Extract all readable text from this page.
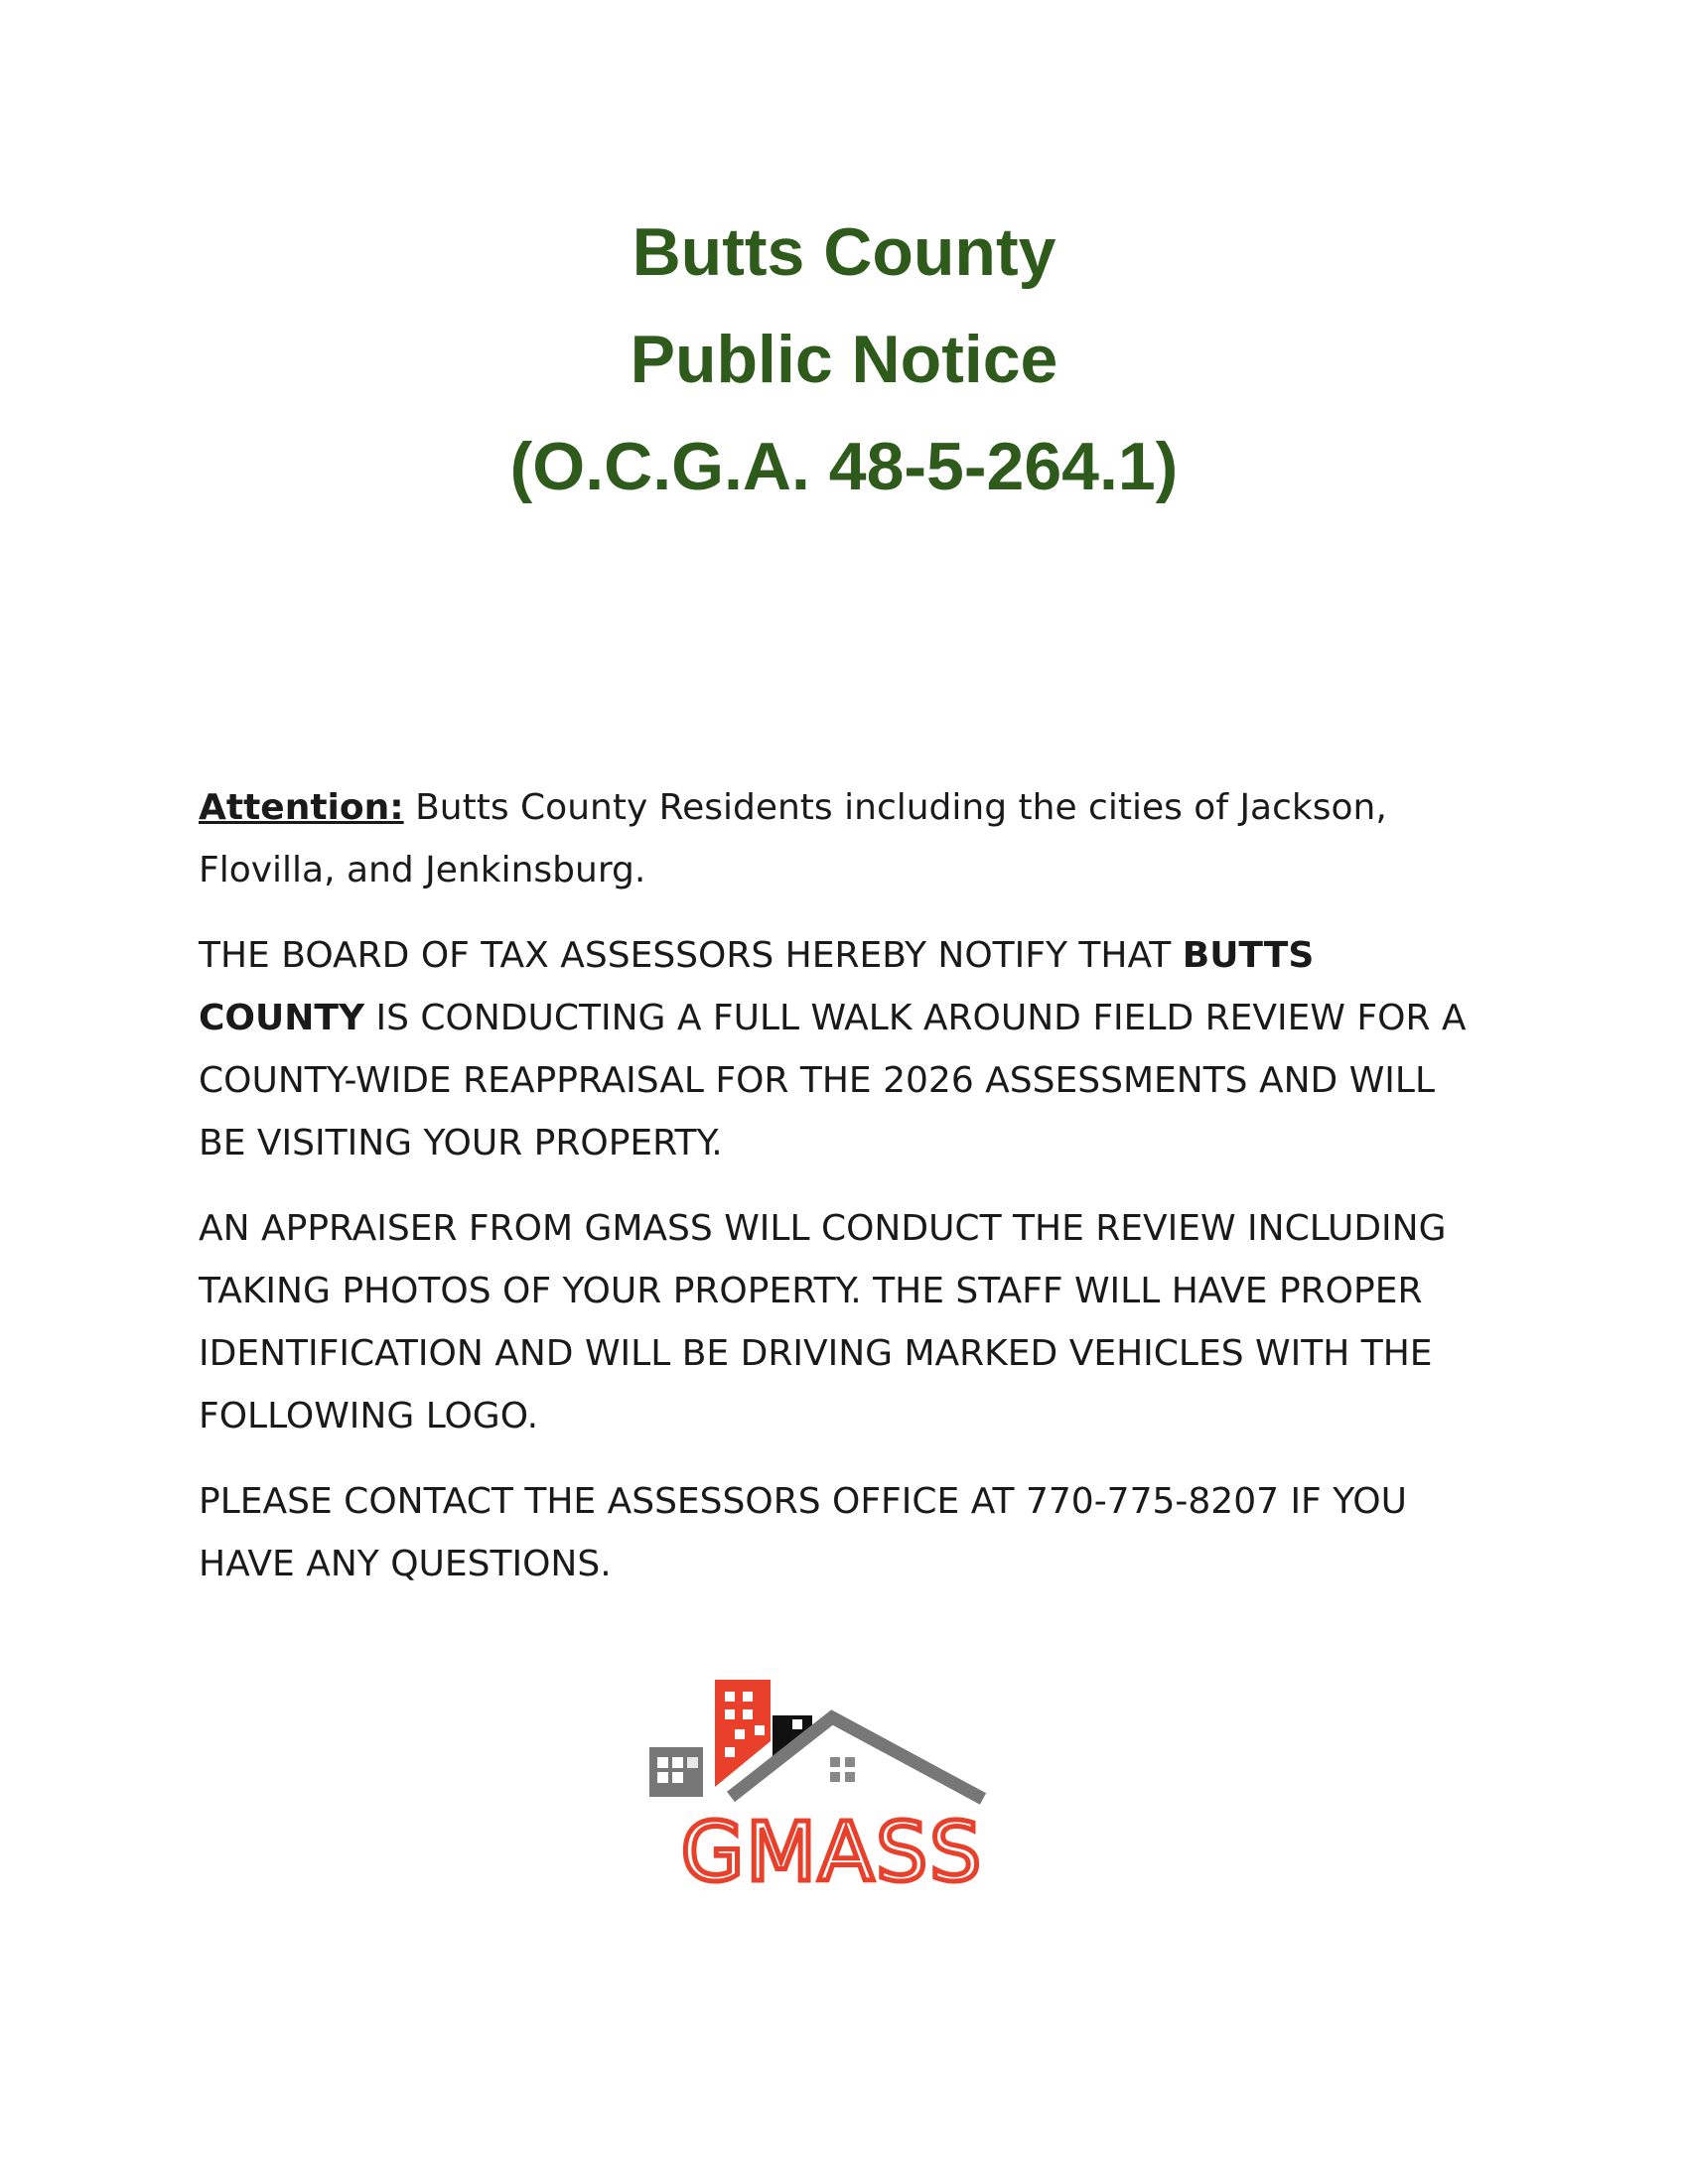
Butts County
Public Notice
(O.C.G.A. 48-5-264.1)

Attention: Butts County Residents including the cities of Jackson, Flovilla, and Jenkinsburg.

THE BOARD OF TAX ASSESSORS HEREBY NOTIFY THAT BUTTS COUNTY IS CONDUCTING A FULL WALK AROUND FIELD REVIEW FOR A COUNTY-WIDE REAPPRAISAL FOR THE 2026 ASSESSMENTS AND WILL BE VISITING YOUR PROPERTY.

AN APPRAISER FROM GMASS WILL CONDUCT THE REVIEW INCLUDING TAKING PHOTOS OF YOUR PROPERTY. THE STAFF WILL HAVE PROPER IDENTIFICATION AND WILL BE DRIVING MARKED VEHICLES WITH THE FOLLOWING LOGO.

PLEASE CONTACT THE ASSESSORS OFFICE AT 770-775-8207 IF YOU HAVE ANY QUESTIONS.

GMASS
